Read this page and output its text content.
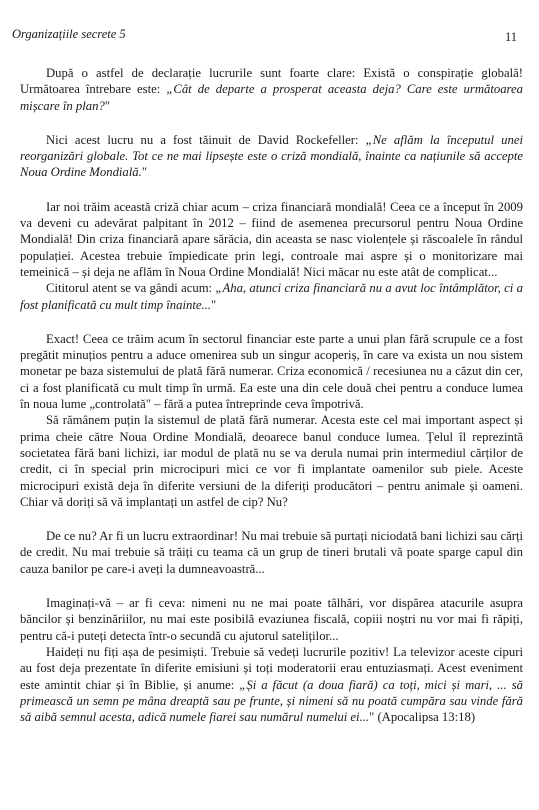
Organizațiile secrete 5	11

După o astfel de declarație lucrurile sunt foarte clare: Există o conspirație globală! Următoarea întrebare este: „Cât de departe a prosperat aceasta deja? Care este următoarea mișcare în plan?"

Nici acest lucru nu a fost tăinuit de David Rockefeller: „Ne aflăm la începutul unei reorganizări globale. Tot ce ne mai lipsește este o criză mondială, înainte ca națiunile să accepte Noua Ordine Mondială."

Iar noi trăim această criză chiar acum – criza financiară mondială! Ceea ce a început în 2009 va deveni cu adevărat palpitant în 2012 – fiind de asemenea precursorul pentru Noua Ordine Mondială! Din criza financiară apare sărăcia, din aceasta se nasc violențele și răscoalele în rândul populației. Acestea trebuie împiedicate prin legi, controale mai aspre și o monitorizare mai temeinică – și deja ne aflăm în Noua Ordine Mondială! Nici măcar nu este atât de complicat...

Cititorul atent se va gândi acum: „Aha, atunci criza financiară nu a avut loc întâmplător, ci a fost planificată cu mult timp înainte..."

Exact! Ceea ce trăim acum în sectorul financiar este parte a unui plan fără scrupule ce a fost pregătit minuțios pentru a aduce omenirea sub un singur acoperiș, în care va exista un nou sistem monetar pe baza sistemului de plată fără numerar. Criza economică / recesiunea nu a căzut din cer, ci a fost planificată cu mult timp în urmă. Ea este una din cele două chei pentru a conduce lumea în noua lume „controlată" – fără a putea întreprinde ceva împotrivă.

Să rămânem puțin la sistemul de plată fără numerar. Acesta este cel mai important aspect și prima cheie către Noua Ordine Mondială, deoarece banul conduce lumea. Țelul îl reprezintă societatea fără bani lichizi, iar modul de plată nu se va derula numai prin intermediul cărților de credit, ci în special prin microcipuri mici ce vor fi implantate oamenilor sub piele. Aceste microcipuri există deja în diferite versiuni de la diferiți producători – pentru animale și oameni. Chiar vă doriți să vă implantați un astfel de cip? Nu?

De ce nu? Ar fi un lucru extraordinar! Nu mai trebuie să purtați niciodată bani lichizi sau cărți de credit. Nu mai trebuie să trăiți cu teama că un grup de tineri brutali vă poate sparge capul din cauza banilor pe care-i aveți la dumneavoastră...

Imaginați-vă – ar fi ceva: nimeni nu ne mai poate tâlhări, vor dispărea atacurile asupra băncilor și benzinăriilor, nu mai este posibilă evaziunea fiscală, copiii noștri nu vor mai fi răpiți, pentru că-i puteți detecta într-o secundă cu ajutorul sateliților...

Haideți nu fiți așa de pesimiști. Trebuie să vedeți lucrurile pozitiv! La televizor aceste cipuri au fost deja prezentate în diferite emisiuni și toți moderatorii erau entuziasmați. Acest eveniment este amintit chiar și în Biblie, și anume: „Și a făcut (a doua fiară) ca toți, mici și mari, ... să primească un semn pe mâna dreaptă sau pe frunte, și nimeni să nu poată cumpăra sau vinde fără să aibă semnul acesta, adică numele fiarei sau numărul numelui ei..." (Apocalipsa 13:18)
